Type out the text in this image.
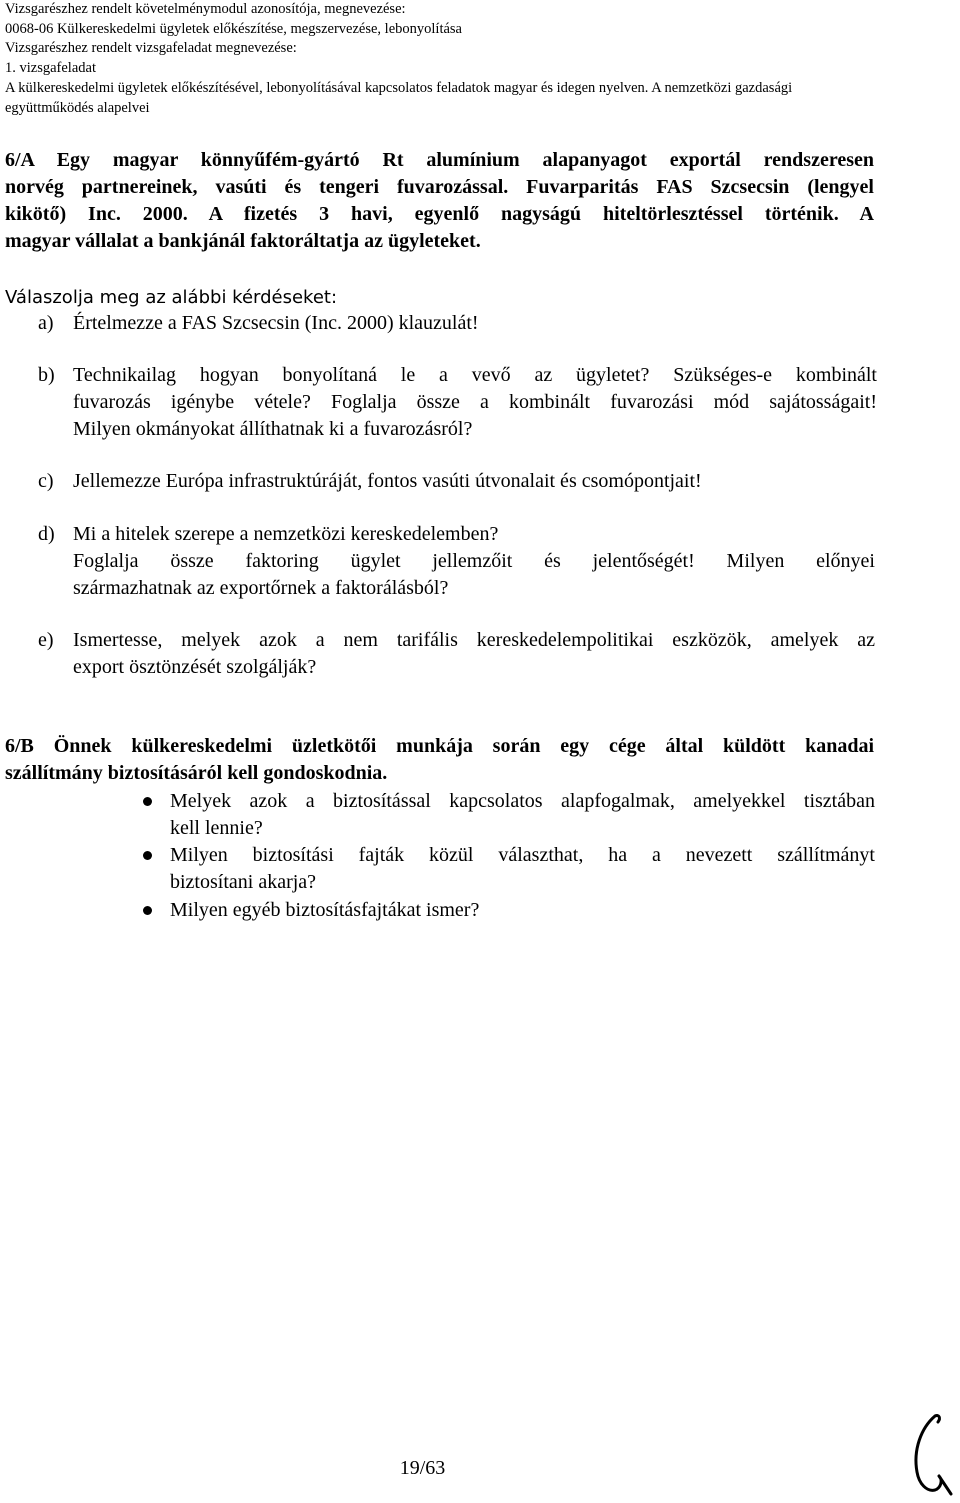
Vizsgarészhez rendelt követelménymodul azonosítója, megnevezése:
0068-06 Külkereskedelmi ügyletek előkészítése, megszervezése, lebonyolítása
Vizsgarészhez rendelt vizsgafeladat megnevezése:
1. vizsgafeladat
A külkereskedelmi ügyletek előkészítésével, lebonyolításával kapcsolatos feladatok magyar és idegen nyelven. A nemzetközi gazdasági
együttműködés alapelvei
6/A Egy magyar könnyűfém-gyártó Rt alumínium alapanyagot exportál rendszeresen
norvég partnereinek, vasúti és tengeri fuvarozással. Fuvarparitás FAS Szcsecsin (lengyel
kikötő) Inc. 2000. A fizetés 3 havi, egyenlő nagyságú hiteltörlesztéssel történik. A
magyar vállalat a bankjánál faktoráltatja az ügyleteket.
Válaszolja meg az alábbi kérdéseket:
a) Értelmezze a FAS Szcsecsin (Inc. 2000) klauzulát!
b) Technikailag hogyan bonyolítaná le a vevő az ügyletet? Szükséges-e kombinált
fuvarozás igénybe vétele? Foglalja össze a kombinált fuvarozási mód sajátosságait!
Milyen okmányokat állíthatnak ki a fuvarozásról?
c) Jellemezze Európa infrastruktúráját, fontos vasúti útvonalait és csomópontjait!
d) Mi a hitelek szerepe a nemzetközi kereskedelemben?
Foglalja össze faktoring ügylet jellemzőit és jelentőségét! Milyen előnyei
származhatnak az exportőrnek a faktorálásból?
e) Ismertesse, melyek azok a nem tarifális kereskedelempolitikai eszközök, amelyek az
export ösztönzését szolgálják?
6/B Önnek külkereskedelmi üzletkötői munkája során egy cége által küldött kanadai
szállítmány biztosításáról kell gondoskodnia.
Melyek azok a biztosítással kapcsolatos alapfogalmak, amelyekkel tisztában
kell lennie?
Milyen biztosítási fajták közül választhat, ha a nevezett szállítmányt
biztosítani akarja?
Milyen egyéb biztosításfajtákat ismer?
19/63
